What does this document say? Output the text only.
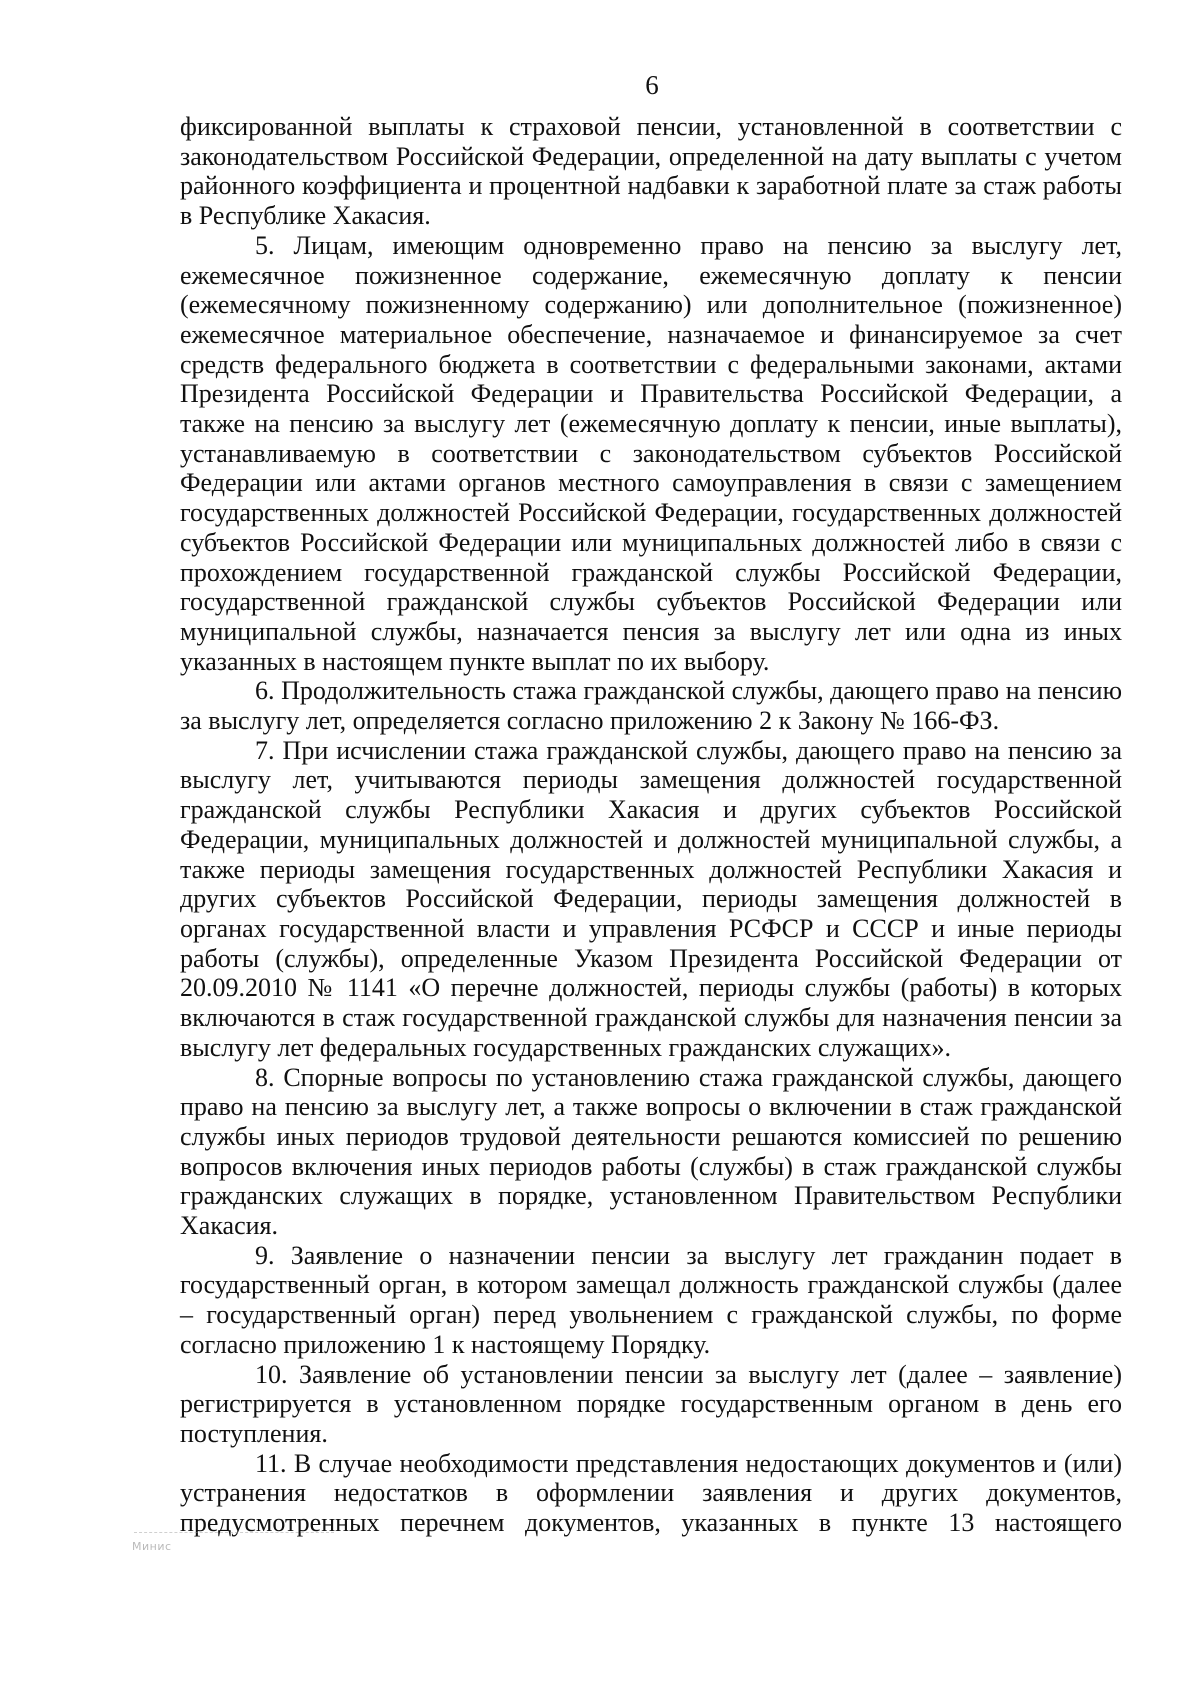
6

фиксированной выплаты к страховой пенсии, установленной в соответствии с законодательством Российской Федерации, определенной на дату выплаты с учетом районного коэффициента и процентной надбавки к заработной плате за стаж работы в Республике Хакасия.

5. Лицам, имеющим одновременно право на пенсию за выслугу лет, ежемесячное пожизненное содержание, ежемесячную доплату к пенсии (ежемесячному пожизненному содержанию) или дополнительное (пожизненное) ежемесячное материальное обеспечение, назначаемое и финансируемое за счет средств федерального бюджета в соответствии с федеральными законами, актами Президента Российской Федерации и Правительства Российской Федерации, а также на пенсию за выслугу лет (ежемесячную доплату к пенсии, иные выплаты), устанавливаемую в соответствии с законодательством субъектов Российской Федерации или актами органов местного самоуправления в связи с замещением государственных должностей Российской Федерации, государственных должностей субъектов Российской Федерации или муниципальных должностей либо в связи с прохождением государственной гражданской службы Российской Федерации, государственной гражданской службы субъектов Российской Федерации или муниципальной службы, назначается пенсия за выслугу лет или одна из иных указанных в настоящем пункте выплат по их выбору.

6. Продолжительность стажа гражданской службы, дающего право на пенсию за выслугу лет, определяется согласно приложению 2 к Закону № 166-ФЗ.

7. При исчислении стажа гражданской службы, дающего право на пенсию за выслугу лет, учитываются периоды замещения должностей государственной гражданской службы Республики Хакасия и других субъектов Российской Федерации, муниципальных должностей и должностей муниципальной службы, а также периоды замещения государственных должностей Республики Хакасия и других субъектов Российской Федерации, периоды замещения должностей в органах государственной власти и управления РСФСР и СССР и иные периоды работы (службы), определенные Указом Президента Российской Федерации от 20.09.2010 № 1141 «О перечне должностей, периоды службы (работы) в которых включаются в стаж государственной гражданской службы для назначения пенсии за выслугу лет федеральных государственных гражданских служащих».

8. Спорные вопросы по установлению стажа гражданской службы, дающего право на пенсию за выслугу лет, а также вопросы о включении в стаж гражданской службы иных периодов трудовой деятельности решаются комиссией по решению вопросов включения иных периодов работы (службы) в стаж гражданской службы гражданских служащих в порядке, установленном Правительством Республики Хакасия.

9. Заявление о назначении пенсии за выслугу лет гражданин подает в государственный орган, в котором замещал должность гражданской службы (далее – государственный орган) перед увольнением с гражданской службы, по форме согласно приложению 1 к настоящему Порядку.

10. Заявление об установлении пенсии за выслугу лет (далее – заявление) регистрируется в установленном порядке государственным органом в день его поступления.

11. В случае необходимости представления недостающих документов и (или) устранения недостатков в оформлении заявления и других документов, предусмотренных перечнем документов, указанных в пункте 13 настоящего

Минис
